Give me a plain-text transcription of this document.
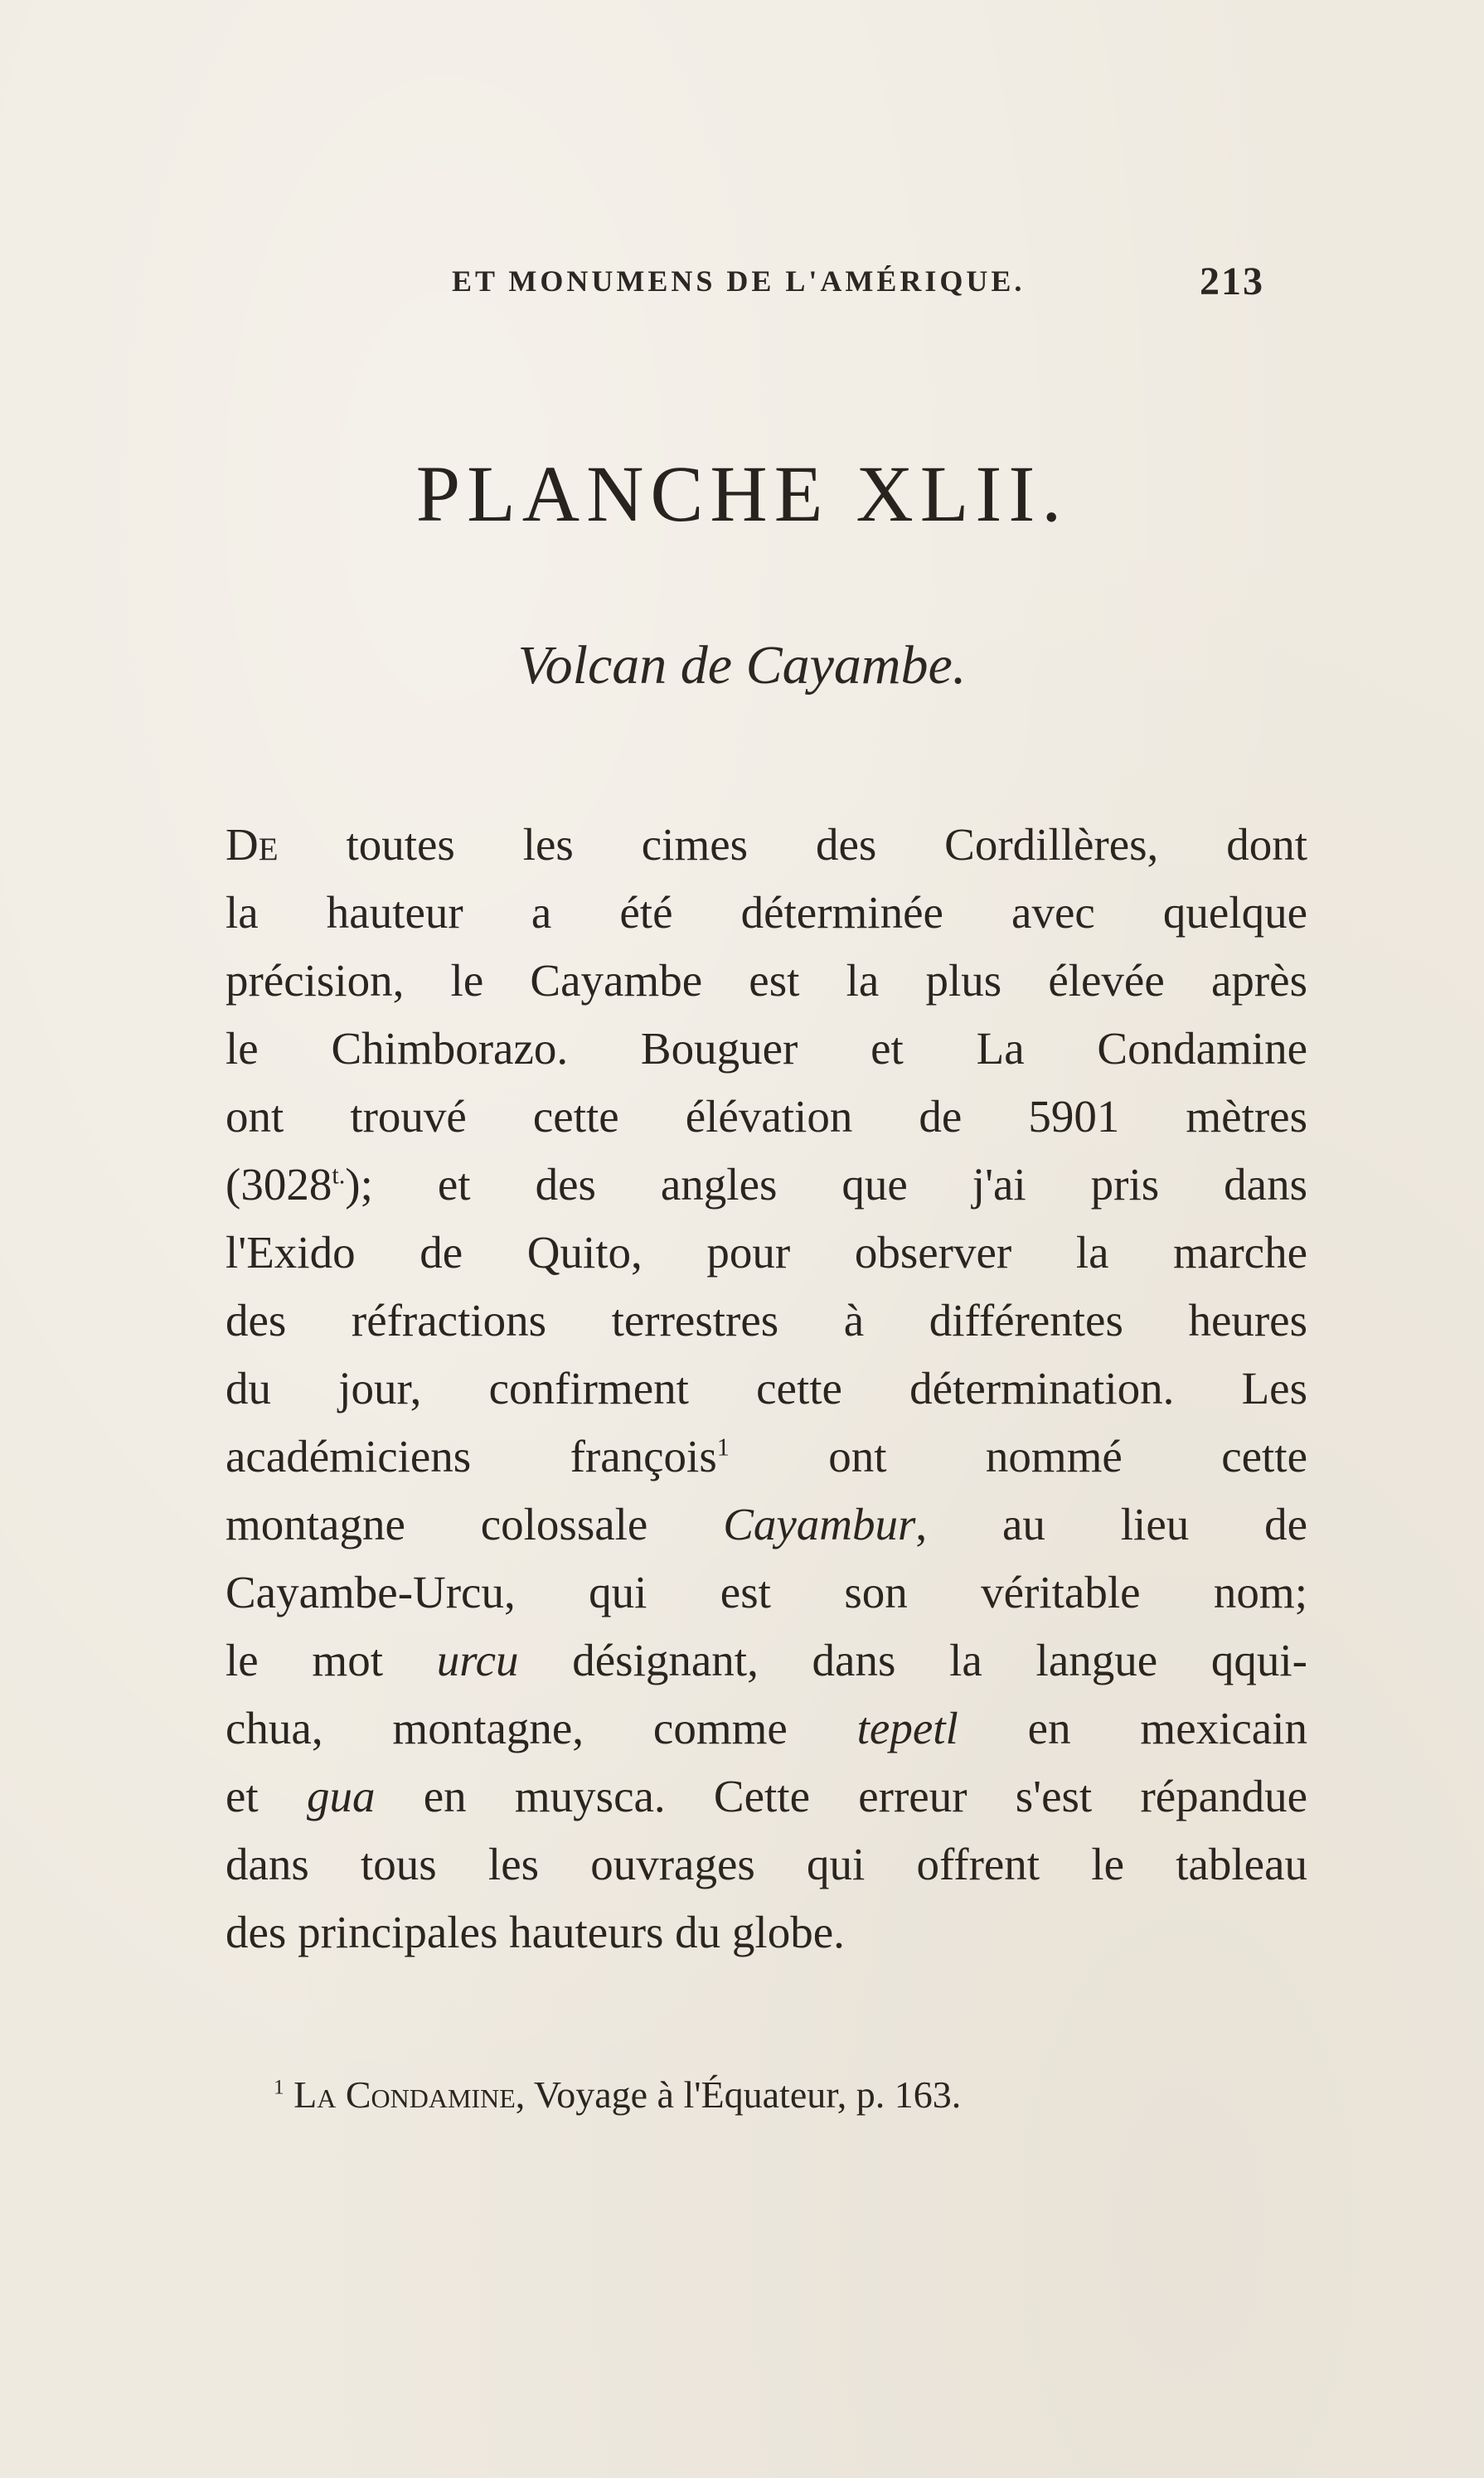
ET MONUMENS DE L'AMÉRIQUE.	213
PLANCHE XLII.
Volcan de Cayambe.
De toutes les cimes des Cordillères, dont
la hauteur a été déterminée avec quelque
précision, le Cayambe est la plus élevée après
le Chimborazo. Bouguer et La Condamine
ont trouvé cette élévation de 5901 mètres
$(3028^{t.})$; et des angles que j'ai pris dans
l'Exido de Quito, pour observer la marche
des réfractions terrestres à différentes heures
du jour, confirment cette détermination. Les
académiciens françois$^1$ ont nommé cette
montagne colossale Cayambur, au lieu de
Cayambe-Urcu, qui est son véritable nom;
le mot urcu désignant, dans la langue qqui-
chua, montagne, comme tepetl en mexicain
et gua en muysca. Cette erreur s'est répandue
dans tous les ouvrages qui offrent le tableau
des principales hauteurs du globe.
$^1$ La Condamine, Voyage à l'Équateur, p. 163.
